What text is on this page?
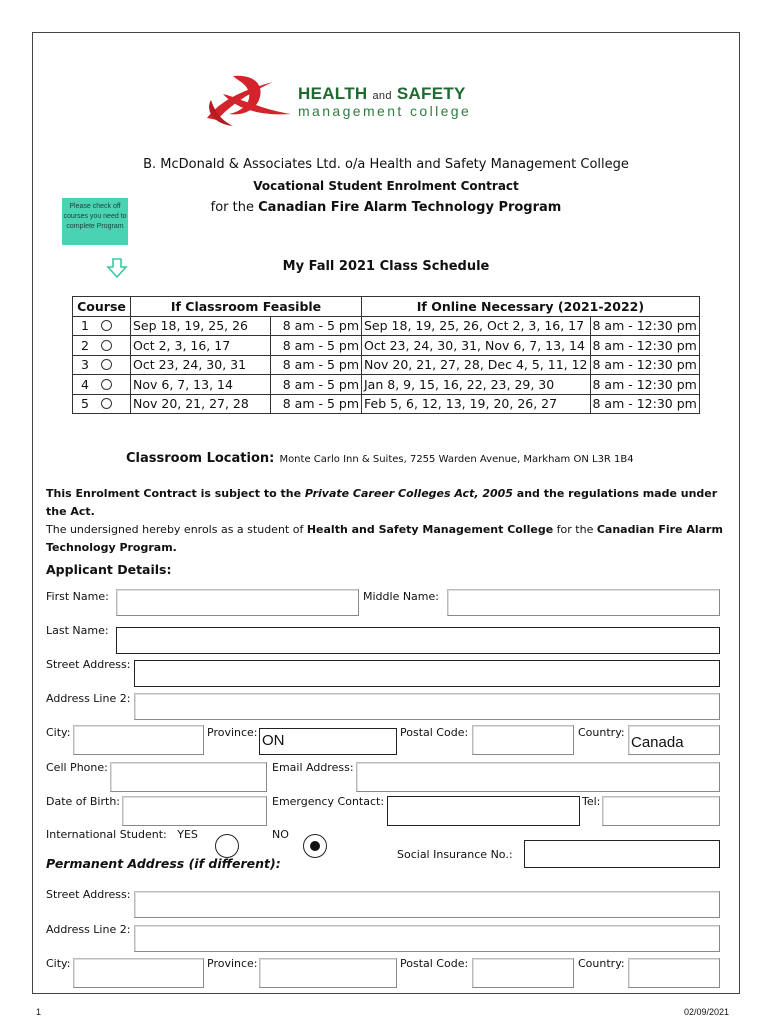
HEALTH and SAFETY
management college
B. McDonald & Associates Ltd. o/a Health and Safety Management College
Vocational Student Enrolment Contract
for the Canadian Fire Alarm Technology Program
Please check off courses you need to complete Program
My Fall 2021 Class Schedule
Course	If Classroom Feasible		If Online Necessary (2021-2022)	
1	Sep 18, 19, 25, 26	8 am - 5 pm	Sep 18, 19, 25, 26, Oct 2, 3, 16, 17	8 am - 12:30 pm
2	Oct 2, 3, 16, 17	8 am - 5 pm	Oct 23, 24, 30, 31, Nov 6, 7, 13, 14	8 am - 12:30 pm
3	Oct 23, 24, 30, 31	8 am - 5 pm	Nov 20, 21, 27, 28, Dec 4, 5, 11, 12	8 am - 12:30 pm
4	Nov 6, 7, 13, 14	8 am - 5 pm	Jan 8, 9, 15, 16, 22, 23, 29, 30	8 am - 12:30 pm
5	Nov 20, 21, 27, 28	8 am - 5 pm	Feb 5, 6, 12, 13, 19, 20, 26, 27	8 am - 12:30 pm
Classroom Location: Monte Carlo Inn & Suites, 7255 Warden Avenue, Markham ON L3R 1B4
This Enrolment Contract is subject to the Private Career Colleges Act, 2005 and the regulations made under the Act.
The undersigned hereby enrols as a student of Health and Safety Management College for the Canadian Fire Alarm Technology Program.
Applicant Details:
First Name:	Middle Name:
Last Name:
Street Address:
Address Line 2:
City:	Province: ON	Postal Code:	Country:
Canada
Cell Phone:	Email Address:
Date of Birth:	Emergency Contact:	Tel:
International Student: YES	NO
Social Insurance No.:
Permanent Address (if different):
Street Address:
Address Line 2:
City:	Province:	Postal Code:	Country:
1	02/09/2021
